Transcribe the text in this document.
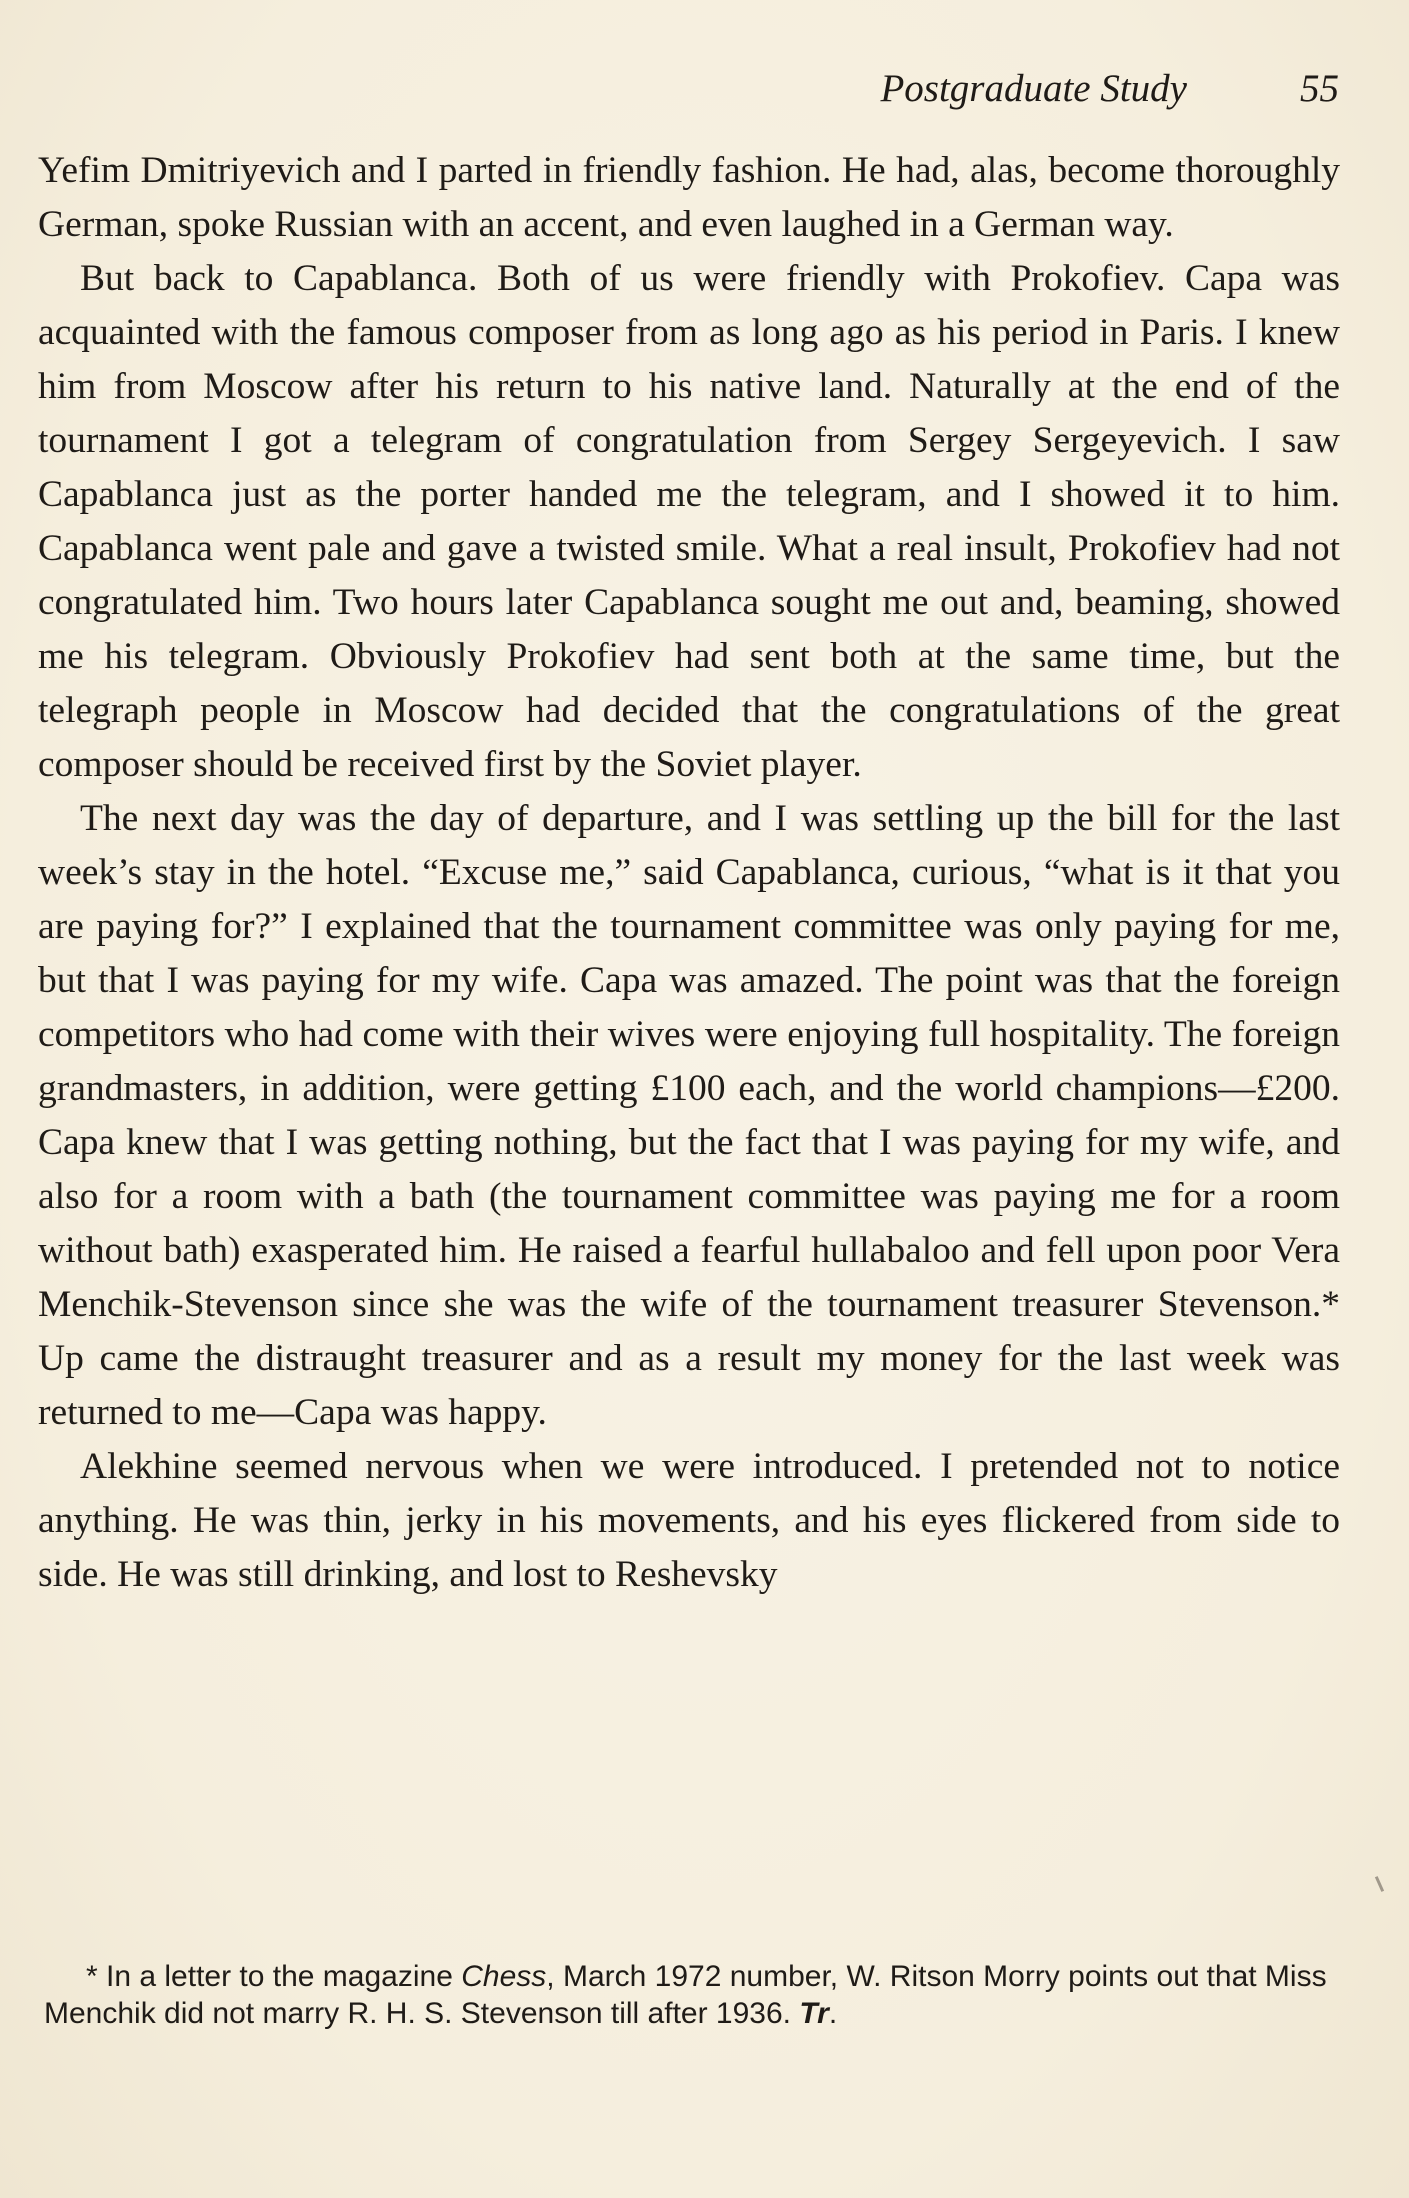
Postgraduate Study	55

Yefim Dmitriyevich and I parted in friendly fashion. He had, alas, become thoroughly German, spoke Russian with an accent, and even laughed in a German way.

But back to Capablanca. Both of us were friendly with Prokofiev. Capa was acquainted with the famous composer from as long ago as his period in Paris. I knew him from Moscow after his return to his native land. Naturally at the end of the tournament I got a telegram of congratulation from Sergey Sergeyevich. I saw Capablanca just as the porter handed me the telegram, and I showed it to him. Capablanca went pale and gave a twisted smile. What a real insult, Prokofiev had not congratulated him. Two hours later Capablanca sought me out and, beaming, showed me his telegram. Obviously Prokofiev had sent both at the same time, but the telegraph people in Moscow had decided that the congratulations of the great composer should be received first by the Soviet player.

The next day was the day of departure, and I was settling up the bill for the last week’s stay in the hotel. “Excuse me,” said Capablanca, curious, “what is it that you are paying for?” I explained that the tournament committee was only paying for me, but that I was paying for my wife. Capa was amazed. The point was that the foreign competitors who had come with their wives were enjoying full hospitality. The foreign grandmasters, in addition, were getting £100 each, and the world champions—£200. Capa knew that I was getting nothing, but the fact that I was paying for my wife, and also for a room with a bath (the tournament committee was paying me for a room without bath) exasperated him. He raised a fearful hullabaloo and fell upon poor Vera Menchik-Stevenson since she was the wife of the tournament treasurer Stevenson.* Up came the distraught treasurer and as a result my money for the last week was returned to me—Capa was happy.

Alekhine seemed nervous when we were introduced. I pretended not to notice anything. He was thin, jerky in his movements, and his eyes flickered from side to side. He was still drinking, and lost to Reshevsky

* In a letter to the magazine Chess, March 1972 number, W. Ritson Morry points out that Miss Menchik did not marry R. H. S. Stevenson till after 1936. Tr.
